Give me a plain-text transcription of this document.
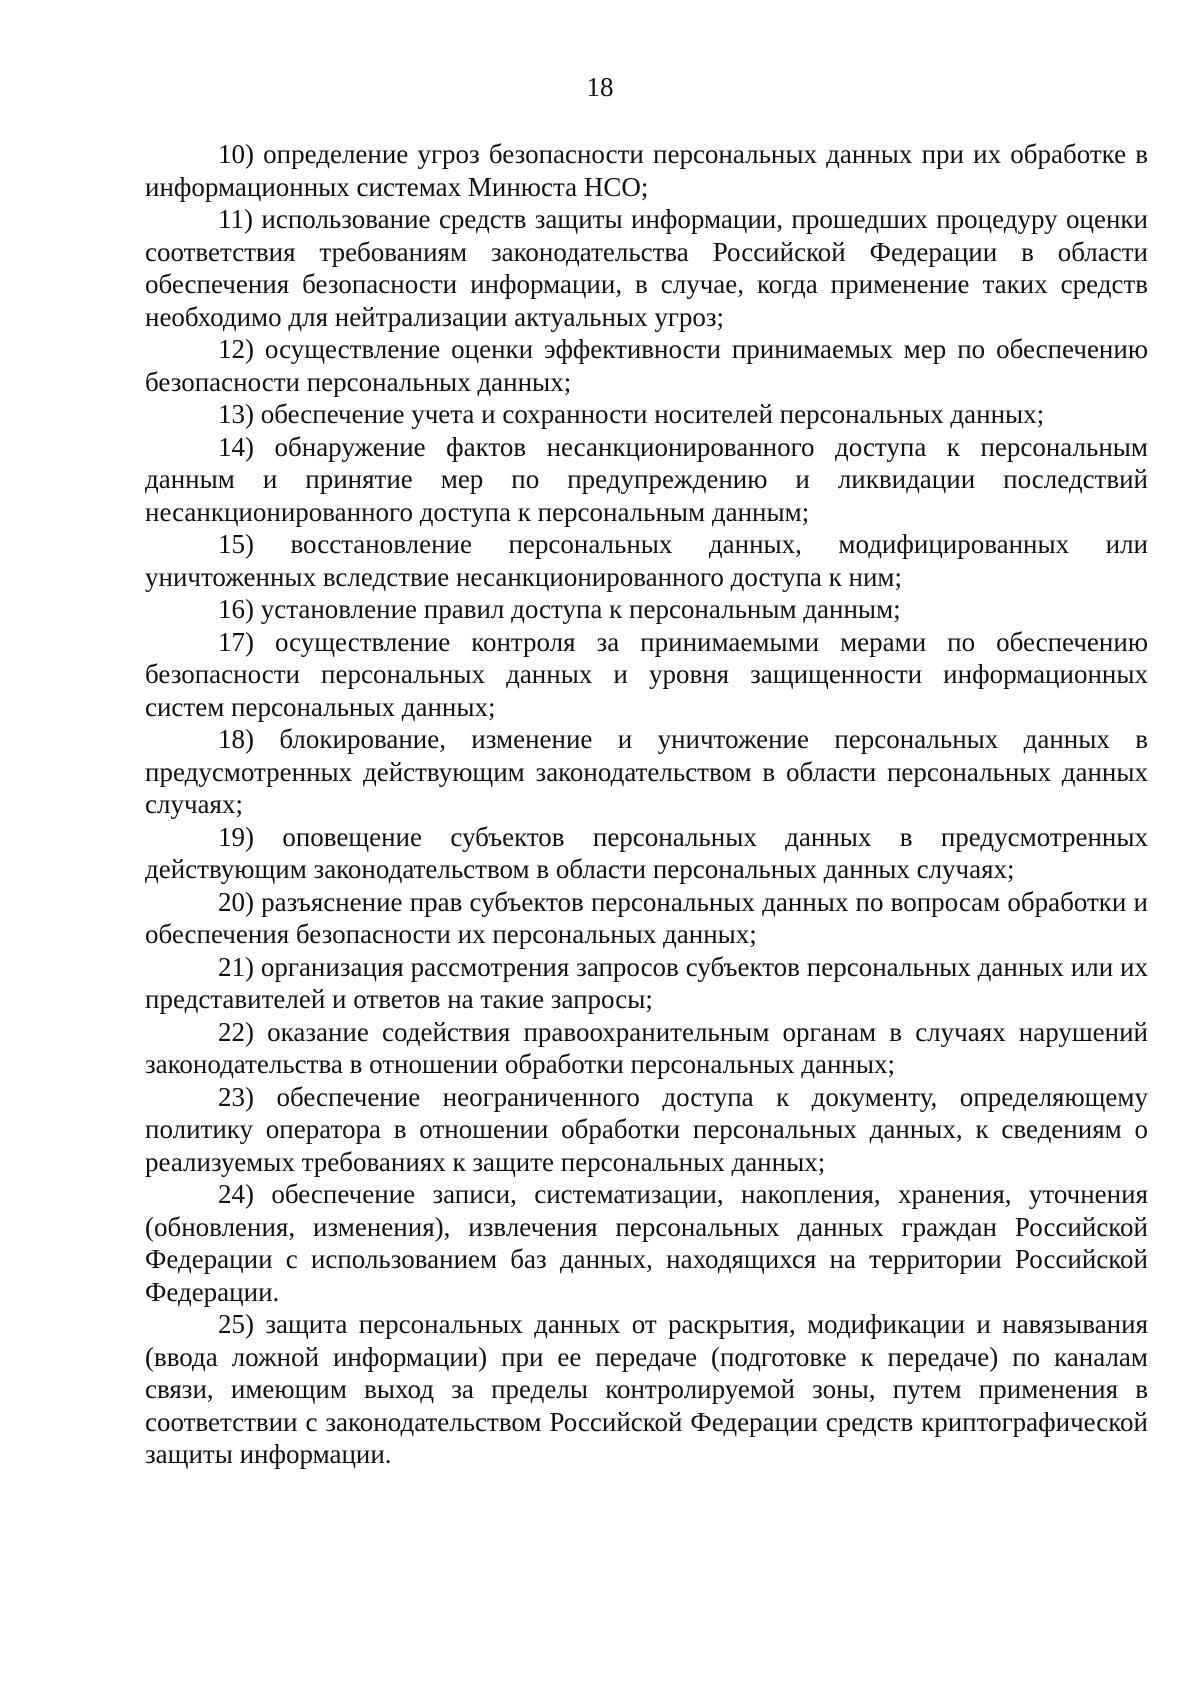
18

10) определение угроз безопасности персональных данных при их обработке в информационных системах Минюста НСО;

11) использование средств защиты информации, прошедших процедуру оценки соответствия требованиям законодательства Российской Федерации в области обеспечения безопасности информации, в случае, когда применение таких средств необходимо для нейтрализации актуальных угроз;

12) осуществление оценки эффективности принимаемых мер по обеспечению безопасности персональных данных;

13) обеспечение учета и сохранности носителей персональных данных;

14) обнаружение фактов несанкционированного доступа к персональным данным и принятие мер по предупреждению и ликвидации последствий несанкционированного доступа к персональным данным;

15) восстановление персональных данных, модифицированных или уничтоженных вследствие несанкционированного доступа к ним;

16) установление правил доступа к персональным данным;

17) осуществление контроля за принимаемыми мерами по обеспечению безопасности персональных данных и уровня защищенности информационных систем персональных данных;

18) блокирование, изменение и уничтожение персональных данных в предусмотренных действующим законодательством в области персональных данных случаях;

19) оповещение субъектов персональных данных в предусмотренных действующим законодательством в области персональных данных случаях;

20) разъяснение прав субъектов персональных данных по вопросам обработки и обеспечения безопасности их персональных данных;

21) организация рассмотрения запросов субъектов персональных данных или их представителей и ответов на такие запросы;

22) оказание содействия правоохранительным органам в случаях нарушений законодательства в отношении обработки персональных данных;

23) обеспечение неограниченного доступа к документу, определяющему политику оператора в отношении обработки персональных данных, к сведениям о реализуемых требованиях к защите персональных данных;

24) обеспечение записи, систематизации, накопления, хранения, уточнения (обновления, изменения), извлечения персональных данных граждан Российской Федерации с использованием баз данных, находящихся на территории Российской Федерации.

25) защита персональных данных от раскрытия, модификации и навязывания (ввода ложной информации) при ее передаче (подготовке к передаче) по каналам связи, имеющим выход за пределы контролируемой зоны, путем применения в соответствии с законодательством Российской Федерации средств криптографической защиты информации.
